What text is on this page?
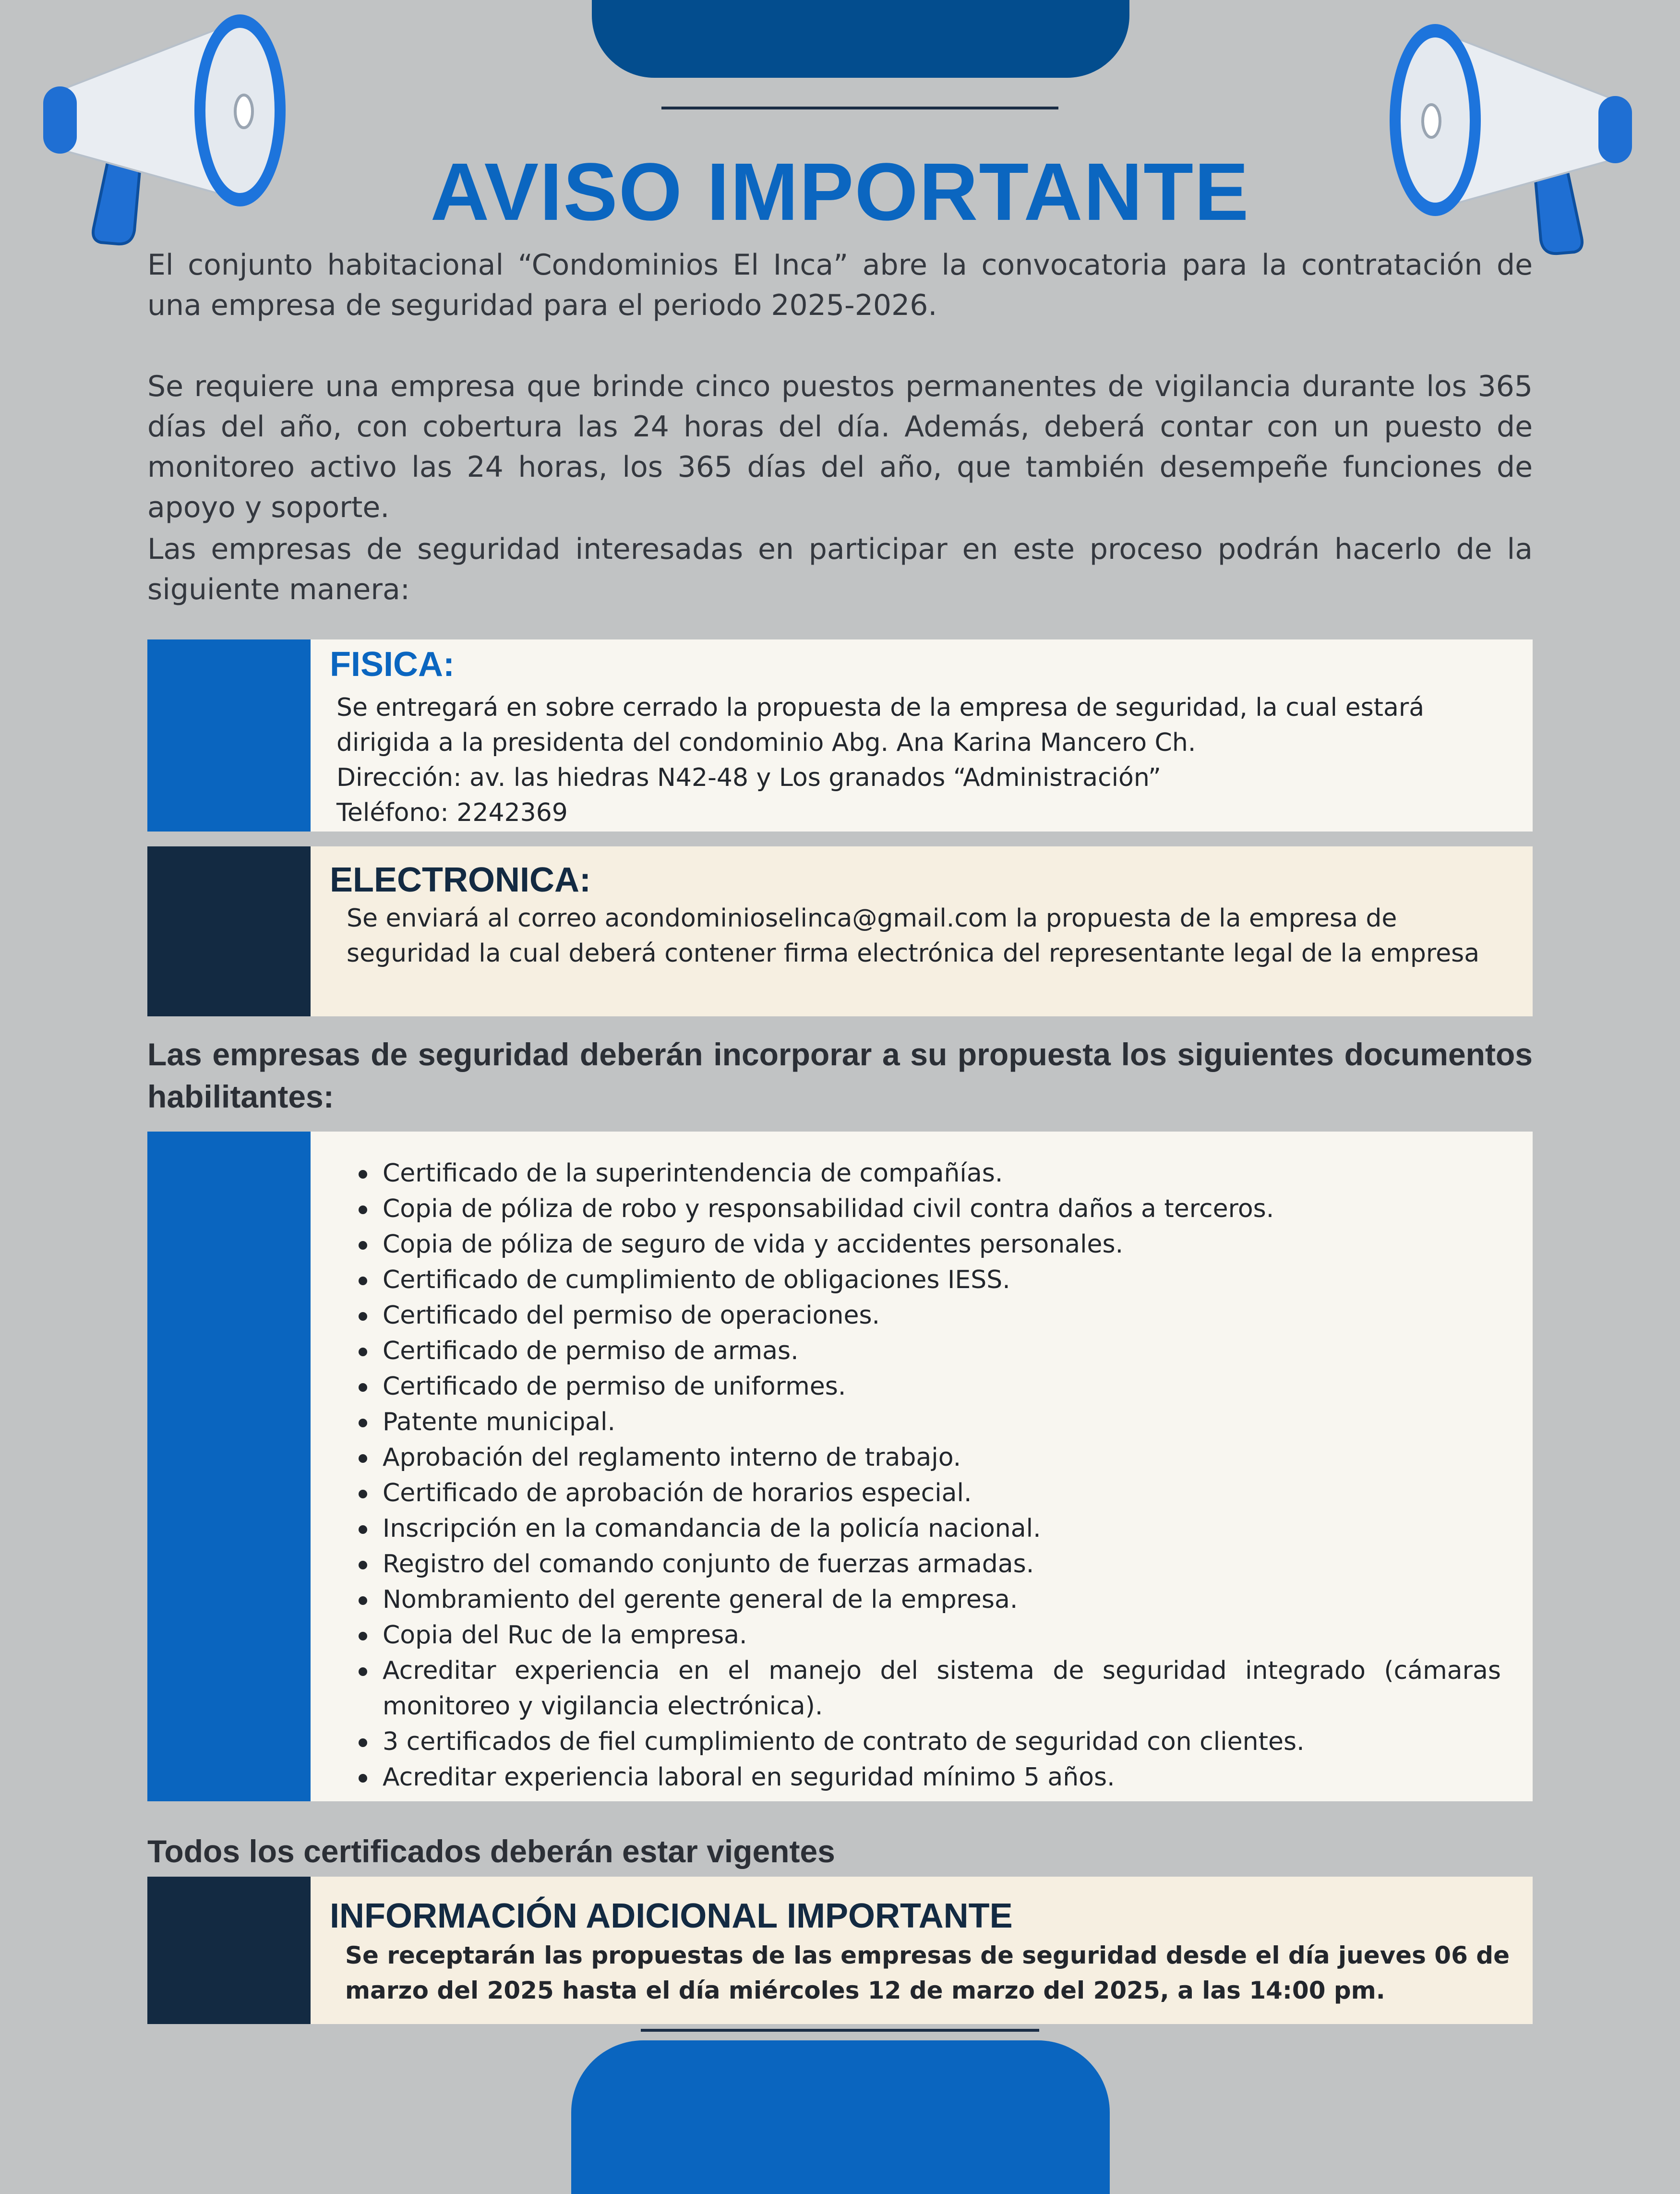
AVISO IMPORTANTE
El conjunto habitacional “Condominios El Inca” abre la convocatoria para la contratación de una empresa de seguridad para el periodo 2025-2026.
Se requiere una empresa que brinde cinco puestos permanentes de vigilancia durante los 365 días del año, con cobertura las 24 horas del día. Además, deberá contar con un puesto de monitoreo activo las 24 horas, los 365 días del año, que también desempeñe funciones de apoyo y soporte.
Las empresas de seguridad interesadas en participar en este proceso podrán hacerlo de la siguiente manera:
FISICA:
Se entregará en sobre cerrado la propuesta de la empresa de seguridad, la cual estará dirigida a la presidenta del condominio Abg. Ana Karina Mancero Ch.
Dirección: av. las hiedras N42-48 y Los granados “Administración”
Teléfono: 2242369
ELECTRONICA:
Se enviará al correo acondominioselinca@gmail.com la propuesta de la empresa de seguridad la cual deberá contener firma electrónica del representante legal de la empresa
Las empresas de seguridad deberán incorporar a su propuesta los siguientes documentos habilitantes:
Certificado de la superintendencia de compañías.
Copia de póliza de robo y responsabilidad civil contra daños a terceros.
Copia de póliza de seguro de vida y accidentes personales.
Certificado de cumplimiento de obligaciones IESS.
Certificado del permiso de operaciones.
Certificado de permiso de armas.
Certificado de permiso de uniformes.
Patente municipal.
Aprobación del reglamento interno de trabajo.
Certificado de aprobación de horarios especial.
Inscripción en la comandancia de la policía nacional.
Registro del comando conjunto de fuerzas armadas.
Nombramiento del gerente general de la empresa.
Copia del Ruc de la empresa.
Acreditar experiencia en el manejo del sistema de seguridad integrado (cámaras monitoreo y vigilancia electrónica).
3 certificados de fiel cumplimiento de contrato de seguridad con clientes.
Acreditar experiencia laboral en seguridad mínimo 5 años.
Todos los certificados deberán estar vigentes
INFORMACIÓN ADICIONAL IMPORTANTE
Se receptarán las propuestas de las empresas de seguridad desde el día jueves 06 de marzo del 2025 hasta el día miércoles 12 de marzo del 2025, a las 14:00 pm.
